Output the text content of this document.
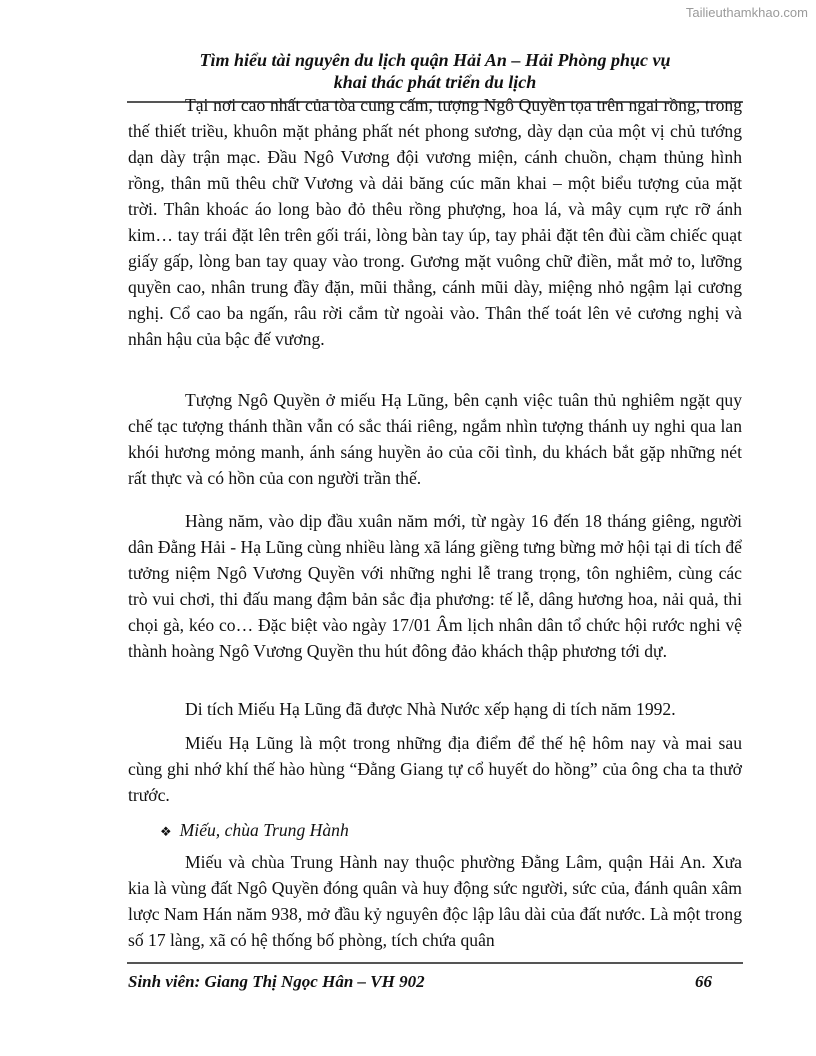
Tailieuthamkhao.com
Tìm hiểu tài nguyên du lịch quận Hải An – Hải Phòng phục vụ
khai thác phát triển du lịch

Tại nơi cao nhất của tòa cung cấm, tượng Ngô Quyền tọa trên ngai rồng, trong thế thiết triều, khuôn mặt phảng phất nét phong sương, dày dạn của một vị chủ tướng dạn dày trận mạc. Đầu Ngô Vương đội vương miện, cánh chuồn, chạm thủng hình rồng, thân mũ thêu chữ Vương và dải băng cúc mãn khai – một biểu tượng của mặt trời. Thân khoác áo long bào đỏ thêu rồng phượng, hoa lá, và mây cụm rực rỡ ánh kim… tay trái đặt lên trên gối trái, lòng bàn tay úp, tay phải đặt tên đùi cầm chiếc quạt giấy gấp, lòng ban tay quay vào trong. Gương mặt vuông chữ điền, mắt mở to, lưỡng quyền cao, nhân trung đầy đặn, mũi thẳng, cánh mũi dày, miệng nhỏ ngậm lại cương nghị. Cổ cao ba ngấn, râu rời cắm từ ngoài vào. Thân thế toát lên vẻ cương nghị và nhân hậu của bậc đế vương.

Tượng Ngô Quyền ở miếu Hạ Lũng, bên cạnh việc tuân thủ nghiêm ngặt quy chế tạc tượng thánh thần vẫn có sắc thái riêng, ngắm nhìn tượng thánh uy nghi qua lan khói hương mỏng manh, ánh sáng huyền ảo của cõi tình, du khách bắt gặp những nét rất thực và có hồn của con người trần thế.

Hàng năm, vào dịp đầu xuân năm mới, từ ngày 16 đến 18 tháng giêng, người dân Đằng Hải - Hạ Lũng cùng nhiều làng xã láng giềng tưng bừng mở hội tại di tích để tưởng niệm Ngô Vương Quyền với những nghi lễ trang trọng, tôn nghiêm, cùng các trò vui chơi, thi đấu mang đậm bản sắc địa phương: tế lễ, dâng hương hoa, nải quả, thi chọi gà, kéo co… Đặc biệt vào ngày 17/01 Âm lịch nhân dân tổ chức hội rước nghi vệ thành hoàng Ngô Vương Quyền thu hút đông đảo khách thập phương tới dự.

Di tích Miếu Hạ Lũng đã được Nhà Nước xếp hạng di tích năm 1992.

Miếu Hạ Lũng là một trong những địa điểm để thế hệ hôm nay và mai sau cùng ghi nhớ khí thế hào hùng “Đằng Giang tự cổ huyết do hồng” của ông cha ta thưở trước.

❖ Miếu, chùa Trung Hành

Miếu và chùa Trung Hành nay thuộc phường Đằng Lâm, quận Hải An. Xưa kia là vùng đất Ngô Quyền đóng quân và huy động sức người, sức của, đánh quân xâm lược Nam Hán năm 938, mở đầu kỷ nguyên độc lập lâu dài của đất nước. Là một trong số 17 làng, xã có hệ thống bố phòng, tích chứa quân

Sinh viên: Giang Thị Ngọc Hân – VH 902	66
